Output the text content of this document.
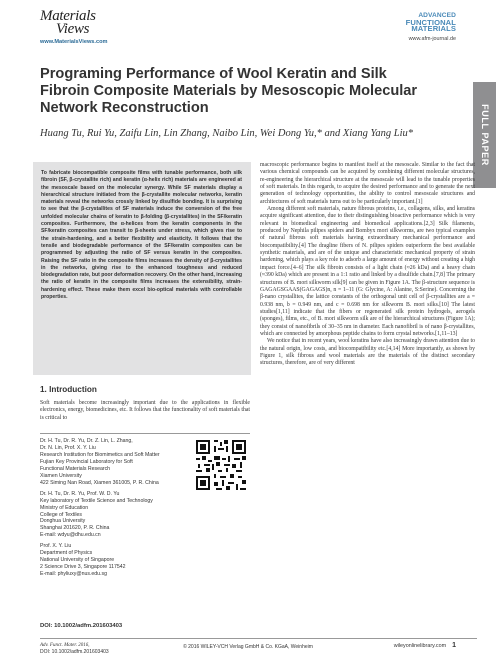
Materials
Views
www.MaterialsViews.com
ADVANCED
FUNCTIONAL
MATERIALS
www.afm-journal.de
FULL PAPER
Programing Performance of Wool Keratin and Silk Fibroin Composite Materials by Mesoscopic Molecular Network Reconstruction
Huang Tu, Rui Yu, Zaifu Lin, Lin Zhang, Naibo Lin, Wei Dong Yu,* and Xiang Yang Liu*
To fabricate biocompatible composite films with tunable performance, both silk fibroin (SF, β-crystallite rich) and keratin (α-helix rich) materials are engineered at the mesoscale based on the molecular synergy. While SF materials display a hierarchical structure initiated from the β-crystallite molecular networks, keratin materials reveal the networks crossly linked by disulfide bonding. It is surprising to see that the β-crystallites of SF materials induce the conversion of the free unfolded molecular chains of keratin to β-folding (β-crystallites) in the SF/keratin composites. Furthermore, the α-helices from the keratin components in the SF/keratin composites can transit to β-sheets under stress, which gives rise to the strain-hardening, and a better flexibility and elasticity. It follows that the tensile and biodegradable performance of the SF/keratin composites can be programmed by adjusting the ratio of SF versus keratin in the composites. Raising the SF ratio in the composite films increases the density of β-crystallites in the networks, giving rise to the enhanced toughness and reduced biodegradation rate, but poor deformation recovery. On the other hand, increasing the ratio of keratin in the composite films increases the extensibility, strain-hardening effect. These make them excel bio-optical materials with controllable properties.

macroscopic performance begins to manifest itself at the mesoscale. Similar to the fact that various chemical compounds can be acquired by combining different molecular structures, re-engineering the hierarchical structure at the mesoscale will lead to the tunable properties of soft materials. In this regards, to acquire the desired performance and to generate the next generation of technology opportunities, the ability to control mesoscale structures and architectures of soft materials turns out to be particularly important.[1]

Among different soft materials, nature fibrous proteins, i.e., collagens, silks, and keratins acquire significant attention, due to their distinguishing bioactive performance which is very relevant in biomedical engineering and biomedical applications.[2,3] Silk filaments, produced by Nephila pilipes spiders and Bombyx mori silkworms, are two typical examples of natural fibrous soft materials having extraordinary mechanical performance and biocompatibility.[4] The dragline fibers of N. pilipes spiders outperform the best available synthetic materials, and are of the unique and characteristic mechanical property of strain hardening, which plays a key role to adsorb a large amount of energy without creating a high impact force.[4–6] The silk fibroin consists of a light chain (≈26 kDa) and a heavy chain (≈390 kDa) which are present in a 1:1 ratio and linked by a disulfide chain.[7,8] The primary structures of B. mori silkworm silk[9] can be given in Figure 1A. The β-structure sequence is GAGAGSGAAS(GAGAGS)n, n = 1–11 (G: Glycine, A: Alanine, S:Serine). Concerning the β-nano crystallites, the lattice constants of the orthogonal unit cell of β-crystallites are a = 0.938 nm, b = 0.949 nm, and c = 0.698 nm for silkworm B. mori silks.[10] The latest studies[1,11] indicate that the fibers or regenerated silk protein hydrogels, aerogels (sponges), films, etc., of B. mori silkworm silk are of the hierarchical structures (Figure 1A); they consist of nanofibrils of 30–35 nm in diameter. Each nanofibril is of nano β-crystallites, which are connected by amorphous peptide chains to form crystal networks.[1,11–13]

We notice that in recent years, wool keratins have also increasingly drawn attention due to the natural origin, low costs, and biocompatibility etc.[4,14] More importantly, as shown by Figure 1, silk fibrous and wool materials are the materials of the distinct secondary structures, therefore, are of very different

1. Introduction

Soft materials become increasingly important due to the applications in flexible electronics, energy, biomedicines, etc. It follows that the functionality of soft materials that is critical to

Dr. H. Tu, Dr. R. Yu, Dr. Z. Lin, L. Zhang,
Dr. N. Lin, Prof. X. Y. Liu
Research Institution for Biomimetics and Soft Matter
Fujian Key Provincial Laboratory for Soft
Functional Materials Research
Xiamen University
422 Siming Nan Road, Xiamen 361005, P. R. China
Dr. H. Tu, Dr. R. Yu, Prof. W. D. Yu
Key laboratory of Textile Science and Technology
Ministry of Education
College of Textiles
Donghua University
Shanghai 201620, P. R. China
E-mail: wdyu@dhu.edu.cn
Prof. X. Y. Liu
Department of Physics
National University of Singapore
2 Science Drive 3, Singapore 117542
E-mail: phyliuxy@nus.edu.sg
DOI: 10.1002/adfm.201603403
Adv. Funct. Mater. 2016,
DOI: 10.1002/adfm.201603403
© 2016 WILEY-VCH Verlag GmbH & Co. KGaA, Weinheim	wileyonlinelibrary.com 1
